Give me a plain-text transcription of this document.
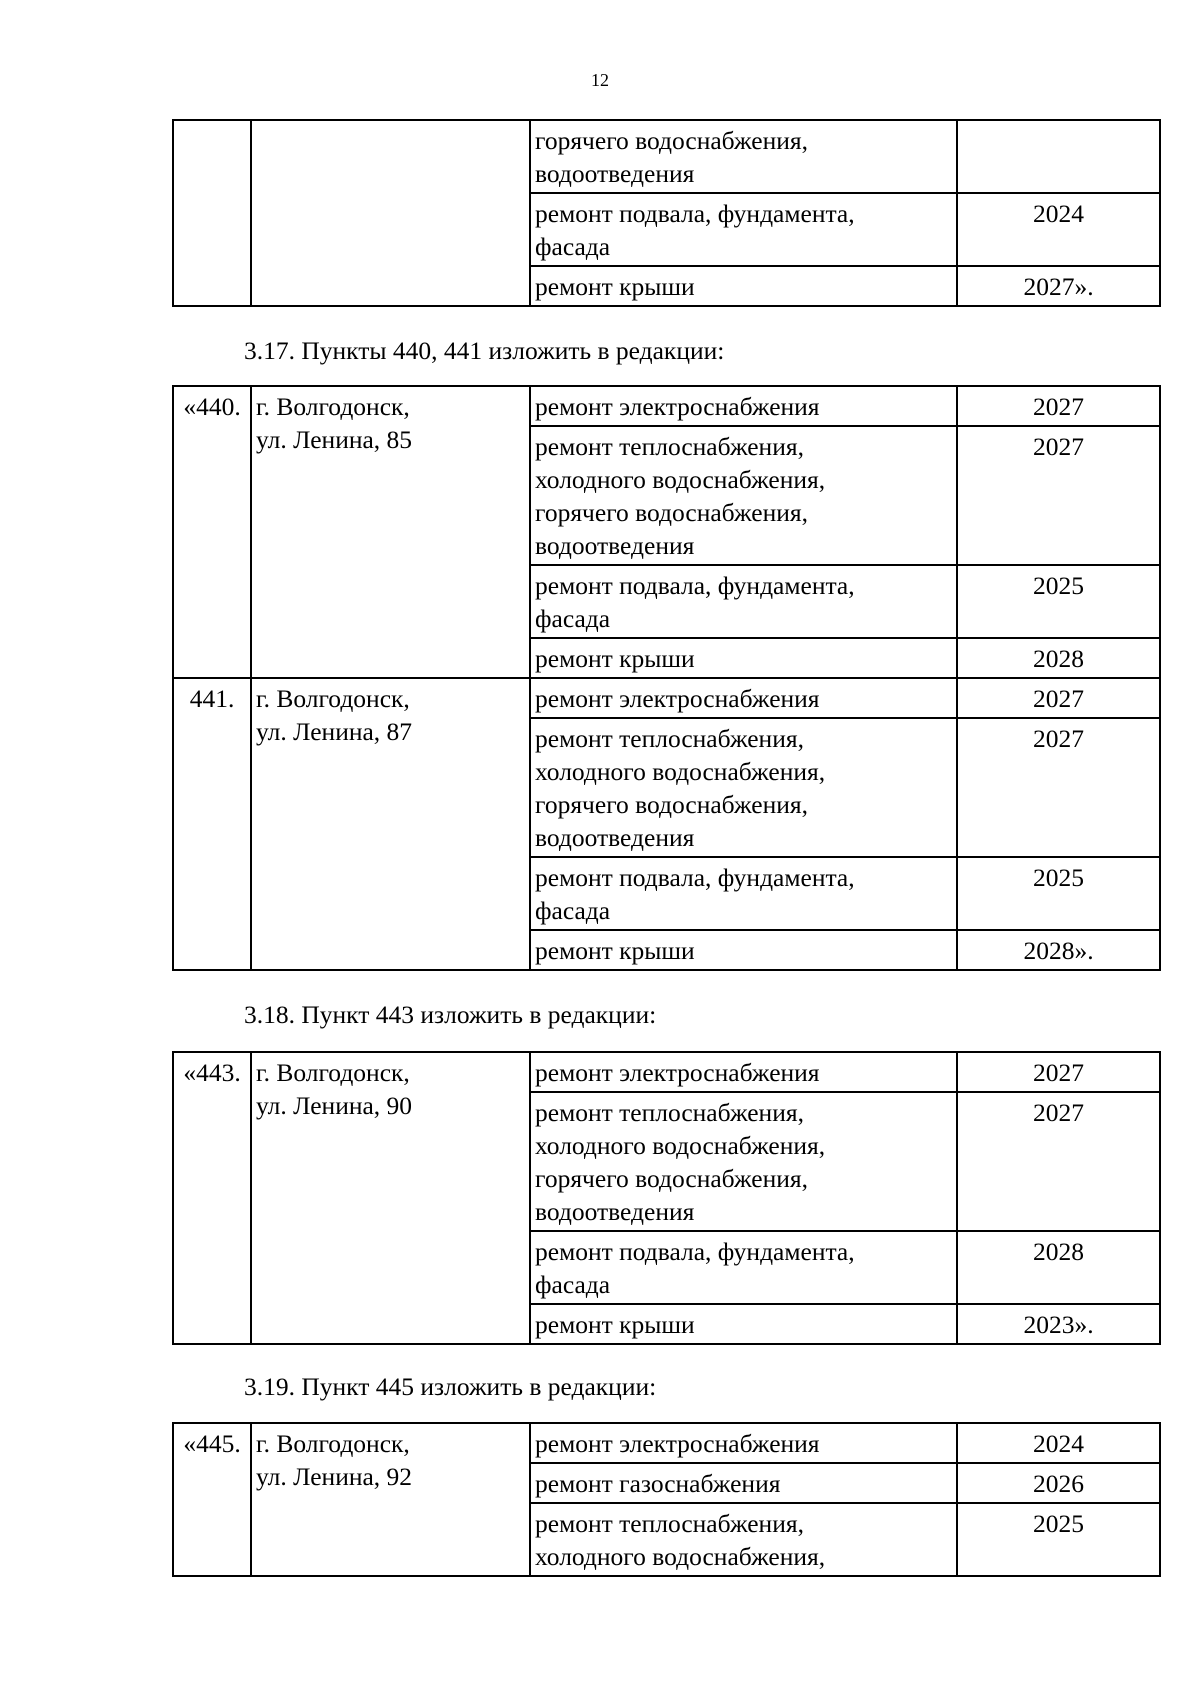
12
		горячего водоснабжения,
водоотведения	
		ремонт подвала, фундамента,
фасада	2024
		ремонт крыши	2027».
3.17. Пункты 440, 441 изложить в редакции:
«440.	г. Волгодонск,
ул. Ленина, 85	ремонт электроснабжения	2027
		ремонт теплоснабжения,
холодного водоснабжения,
горячего водоснабжения,
водоотведения	2027
		ремонт подвала, фундамента,
фасада	2025
		ремонт крыши	2028
441.	г. Волгодонск,
ул. Ленина, 87	ремонт электроснабжения	2027
		ремонт теплоснабжения,
холодного водоснабжения,
горячего водоснабжения,
водоотведения	2027
		ремонт подвала, фундамента,
фасада	2025
		ремонт крыши	2028».
3.18. Пункт 443 изложить в редакции:
«443.	г. Волгодонск,
ул. Ленина, 90	ремонт электроснабжения	2027
		ремонт теплоснабжения,
холодного водоснабжения,
горячего водоснабжения,
водоотведения	2027
		ремонт подвала, фундамента,
фасада	2028
		ремонт крыши	2023».
3.19. Пункт 445 изложить в редакции:
«445.	г. Волгодонск,
ул. Ленина, 92	ремонт электроснабжения	2024
		ремонт газоснабжения	2026
		ремонт теплоснабжения,
холодного водоснабжения,	2025
